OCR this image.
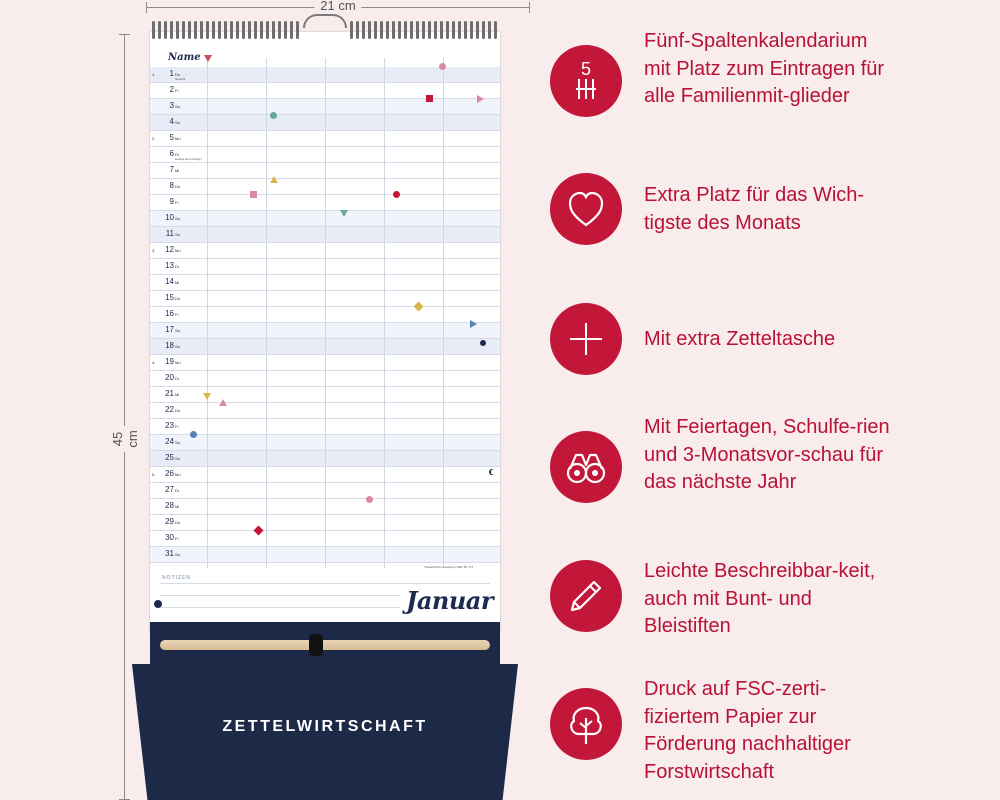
21 cm
45 cm
Name
1.	1 Do
Neujahr
2 Fr
3 Sa
4 So
2.	5 Mo
6 Di
Heilige Drei Könige*
7 Mi
8 Do
9 Fr
10 Sa
11 So
3. 12 Mo
13 Di
14 Mi
15 Do
16 Fr
17 Sa
18 So
4. 19 Mo
20 Di
21 Mi
22 Do
23 Fr
24 Sa
25 So
5. 26 Mo
27 Di
28 Mi
29 Do
30 Fr
31 Sa
*Gesetzlicher Feiertag in BW, BY, ST
NOTIZEN
Januar
ZETTELWIRTSCHAFT
5
Fünf-Spaltenkalendarium mit Platz zum Eintragen für alle Familienmit-glieder
Extra Platz für das Wich-tigste des Monats
Mit extra Zetteltasche
Mit Feiertagen, Schulfe-rien und 3-Monatsvor-schau für das nächste Jahr
Leichte Beschreibbar-keit, auch mit Bunt- und Bleistiften
Druck auf FSC-zerti-fiziertem Papier zur Förderung nachhaltiger Forstwirtschaft
